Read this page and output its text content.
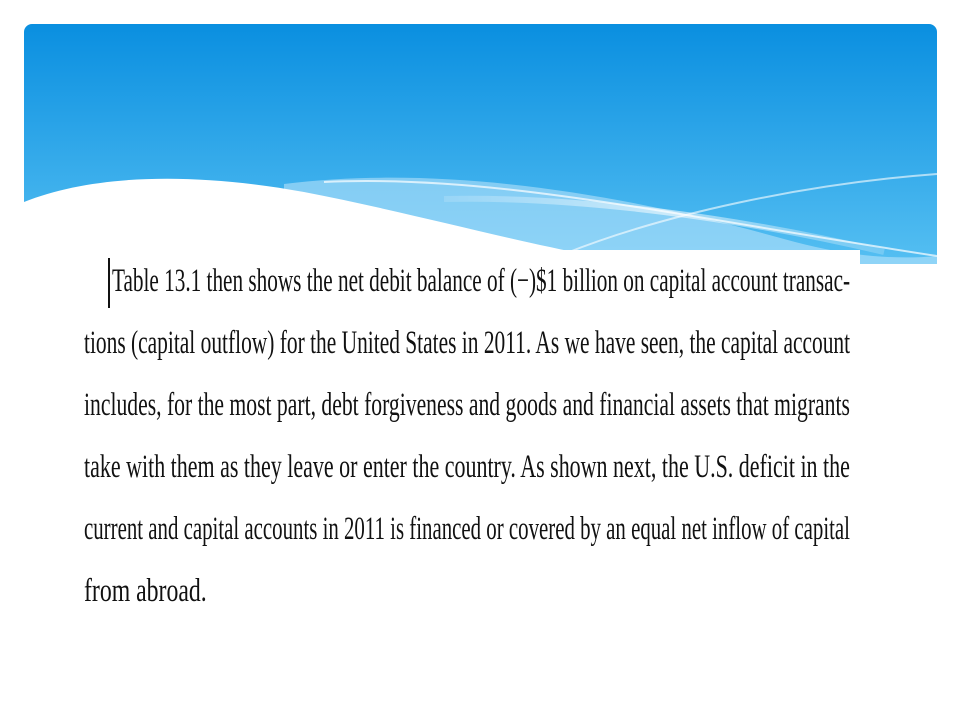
Table 13.1 then shows the net debit balance of (−)$1 billion on capital account transac-
tions (capital outflow) for the United States in 2011. As we have seen, the capital account
includes, for the most part, debt forgiveness and goods and financial assets that migrants
take with them as they leave or enter the country. As shown next, the U.S. deficit in the
current and capital accounts in 2011 is financed or covered by an equal net inflow of capital
from abroad.
